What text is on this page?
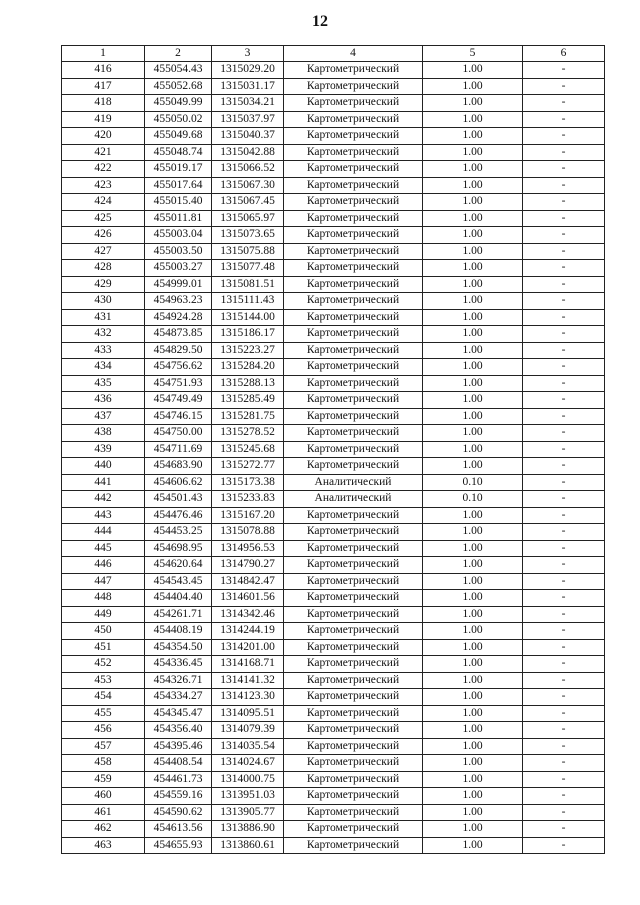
12
1	2	3	4	5	6
416	455054.43	1315029.20	Картометрический	1.00	-
417	455052.68	1315031.17	Картометрический	1.00	-
418	455049.99	1315034.21	Картометрический	1.00	-
419	455050.02	1315037.97	Картометрический	1.00	-
420	455049.68	1315040.37	Картометрический	1.00	-
421	455048.74	1315042.88	Картометрический	1.00	-
422	455019.17	1315066.52	Картометрический	1.00	-
423	455017.64	1315067.30	Картометрический	1.00	-
424	455015.40	1315067.45	Картометрический	1.00	-
425	455011.81	1315065.97	Картометрический	1.00	-
426	455003.04	1315073.65	Картометрический	1.00	-
427	455003.50	1315075.88	Картометрический	1.00	-
428	455003.27	1315077.48	Картометрический	1.00	-
429	454999.01	1315081.51	Картометрический	1.00	-
430	454963.23	1315111.43	Картометрический	1.00	-
431	454924.28	1315144.00	Картометрический	1.00	-
432	454873.85	1315186.17	Картометрический	1.00	-
433	454829.50	1315223.27	Картометрический	1.00	-
434	454756.62	1315284.20	Картометрический	1.00	-
435	454751.93	1315288.13	Картометрический	1.00	-
436	454749.49	1315285.49	Картометрический	1.00	-
437	454746.15	1315281.75	Картометрический	1.00	-
438	454750.00	1315278.52	Картометрический	1.00	-
439	454711.69	1315245.68	Картометрический	1.00	-
440	454683.90	1315272.77	Картометрический	1.00	-
441	454606.62	1315173.38	Аналитический	0.10	-
442	454501.43	1315233.83	Аналитический	0.10	-
443	454476.46	1315167.20	Картометрический	1.00	-
444	454453.25	1315078.88	Картометрический	1.00	-
445	454698.95	1314956.53	Картометрический	1.00	-
446	454620.64	1314790.27	Картометрический	1.00	-
447	454543.45	1314842.47	Картометрический	1.00	-
448	454404.40	1314601.56	Картометрический	1.00	-
449	454261.71	1314342.46	Картометрический	1.00	-
450	454408.19	1314244.19	Картометрический	1.00	-
451	454354.50	1314201.00	Картометрический	1.00	-
452	454336.45	1314168.71	Картометрический	1.00	-
453	454326.71	1314141.32	Картометрический	1.00	-
454	454334.27	1314123.30	Картометрический	1.00	-
455	454345.47	1314095.51	Картометрический	1.00	-
456	454356.40	1314079.39	Картометрический	1.00	-
457	454395.46	1314035.54	Картометрический	1.00	-
458	454408.54	1314024.67	Картометрический	1.00	-
459	454461.73	1314000.75	Картометрический	1.00	-
460	454559.16	1313951.03	Картометрический	1.00	-
461	454590.62	1313905.77	Картометрический	1.00	-
462	454613.56	1313886.90	Картометрический	1.00	-
463	454655.93	1313860.61	Картометрический	1.00	-
